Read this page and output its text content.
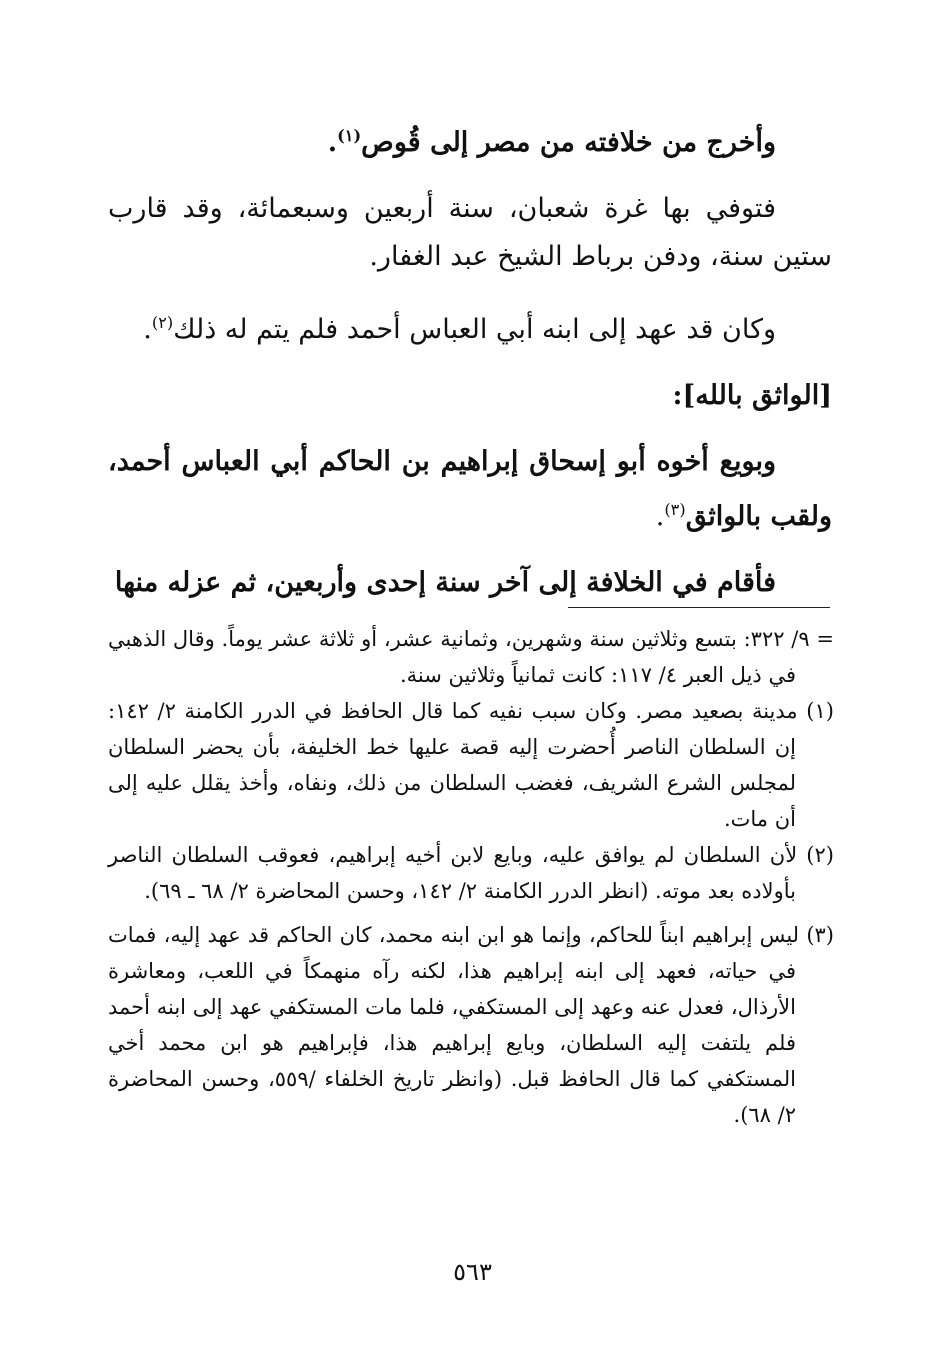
وأخرج من خلافته من مصر إلى قُوص$^{(١)}$.

فتوفي بها غرة شعبان، سنة أربعين وسبعمائة، وقد قارب ستين سنة، ودفن برباط الشيخ عبد الغفار.

وكان قد عهد إلى ابنه أبي العباس أحمد فلم يتم له ذلك$^{(٢)}$.

[الواثق بالله]:

وبويع أخوه أبو إسحاق إبراهيم بن الحاكم أبي العباس أحمد، ولقب بالواثق$^{(٣)}$.

فأقام في الخلافة إلى آخر سنة إحدى وأربعين، ثم عزله منها

= ٩/ ٣٢٢: بتسع وثلاثين سنة وشهرين، وثمانية عشر، أو ثلاثة عشر يوماً. وقال الذهبي في ذيل العبر ٤/ ١١٧: كانت ثمانياً وثلاثين سنة.

(١) مدينة بصعيد مصر. وكان سبب نفيه كما قال الحافظ في الدرر الكامنة ٢/ ١٤٢: إن السلطان الناصر أُحضرت إليه قصة عليها خط الخليفة، بأن يحضر السلطان لمجلس الشرع الشريف، فغضب السلطان من ذلك، ونفاه، وأخذ يقلل عليه إلى أن مات.

(٢) لأن السلطان لم يوافق عليه، وبايع لابن أخيه إبراهيم، فعوقب السلطان الناصر بأولاده بعد موته. (انظر الدرر الكامنة ٢/ ١٤٢، وحسن المحاضرة ٢/ ٦٨ ـ ٦٩).

(٣) ليس إبراهيم ابناً للحاكم، وإنما هو ابن ابنه محمد، كان الحاكم قد عهد إليه، فمات في حياته، فعهد إلى ابنه إبراهيم هذا، لكنه رآه منهمكاً في اللعب، ومعاشرة الأرذال، فعدل عنه وعهد إلى المستكفي، فلما مات المستكفي عهد إلى ابنه أحمد فلم يلتفت إليه السلطان، وبايع إبراهيم هذا، فإبراهيم هو ابن محمد أخي المستكفي كما قال الحافظ قبل. (وانظر تاريخ الخلفاء /٥٥٩، وحسن المحاضرة ٢/ ٦٨).

٥٦٣
